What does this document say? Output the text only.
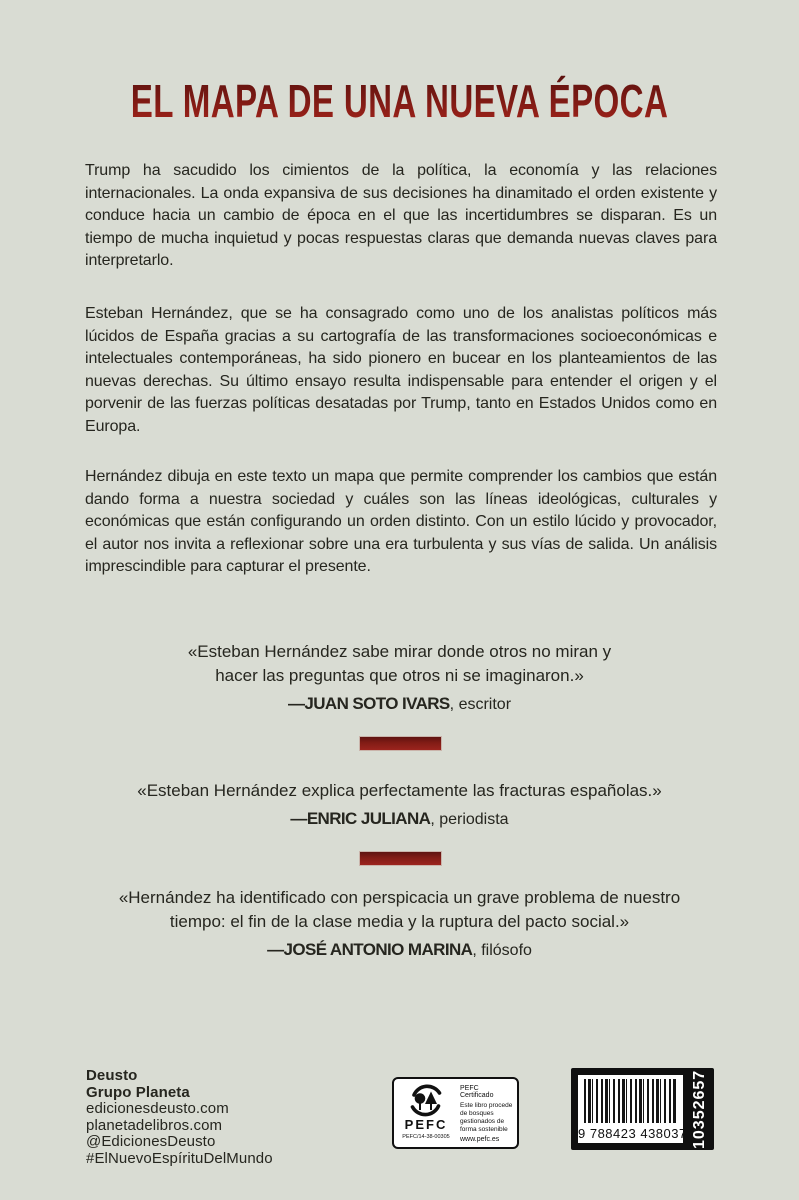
EL MAPA DE UNA NUEVA ÉPOCA

Trump ha sacudido los cimientos de la política, la economía y las relaciones internacionales. La onda expansiva de sus decisiones ha dinamitado el orden existente y conduce hacia un cambio de época en el que las incertidumbres se disparan. Es un tiempo de mucha inquietud y pocas respuestas claras que demanda nuevas claves para interpretarlo.

Esteban Hernández, que se ha consagrado como uno de los analistas políticos más lúcidos de España gracias a su cartografía de las transformaciones socioeconómicas e intelectuales contemporáneas, ha sido pionero en bucear en los planteamientos de las nuevas derechas. Su último ensayo resulta indispensable para entender el origen y el porvenir de las fuerzas políticas desatadas por Trump, tanto en Estados Unidos como en Europa.

Hernández dibuja en este texto un mapa que permite comprender los cambios que están dando forma a nuestra sociedad y cuáles son las líneas ideológicas, culturales y económicas que están configurando un orden distinto. Con un estilo lúcido y provocador, el autor nos invita a reflexionar sobre una era turbulenta y sus vías de salida. Un análisis imprescindible para capturar el presente.

«Esteban Hernández sabe mirar donde otros no miran y hacer las preguntas que otros ni se imaginaron.»

—JUAN SOTO IVARS, escritor

«Esteban Hernández explica perfectamente las fracturas españolas.»

—ENRIC JULIANA, periodista

«Hernández ha identificado con perspicacia un grave problema de nuestro tiempo: el fin de la clase media y la ruptura del pacto social.»

—JOSÉ ANTONIO MARINA, filósofo

Deusto
Grupo Planeta
edicionesdeusto.com
planetadelibros.com
@EdicionesDeusto
#ElNuevoEspírituDelMundo
PEFC
PEFC/14-38-00305
PEFC Certificado
Este libro procede de bosques gestionados de forma sostenible
www.pefc.es	9 788423 438037 10352657
